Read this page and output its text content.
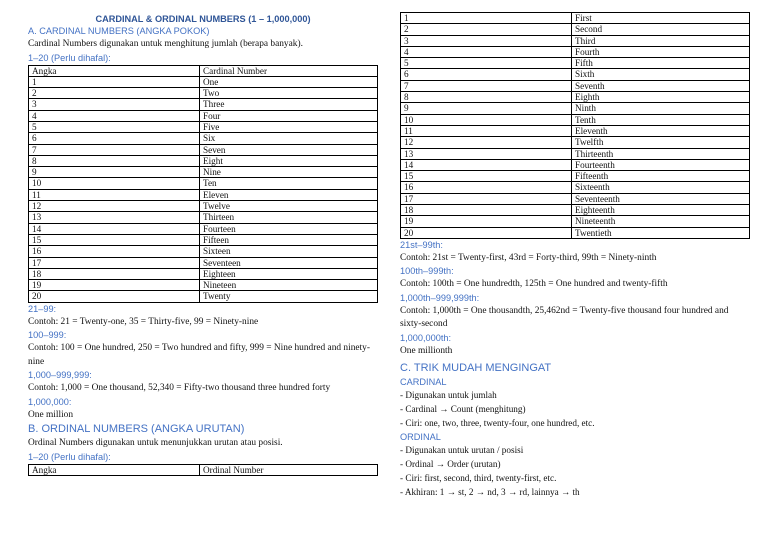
CARDINAL & ORDINAL NUMBERS (1 – 1,000,000)
A. CARDINAL NUMBERS (ANGKA POKOK)
Cardinal Numbers digunakan untuk menghitung jumlah (berapa banyak).
1–20 (Perlu dihafal):
Angka	Cardinal Number
1	One
2	Two
3	Three
4	Four
5	Five
6	Six
7	Seven
8	Eight
9	Nine
10	Ten
11	Eleven
12	Twelve
13	Thirteen
14	Fourteen
15	Fifteen
16	Sixteen
17	Seventeen
18	Eighteen
19	Nineteen
20	Twenty
21–99:
Contoh: 21 = Twenty-one, 35 = Thirty-five, 99 = Ninety-nine
100–999:
Contoh: 100 = One hundred, 250 = Two hundred and fifty, 999 = Nine hundred and ninety-nine
1,000–999,999:
Contoh: 1,000 = One thousand, 52,340 = Fifty-two thousand three hundred forty
1,000,000:
One million
B. ORDINAL NUMBERS (ANGKA URUTAN)
Ordinal Numbers digunakan untuk menunjukkan urutan atau posisi.
1–20 (Perlu dihafal):
Angka	Ordinal Number
1	First
2	Second
3	Third
4	Fourth
5	Fifth
6	Sixth
7	Seventh
8	Eighth
9	Ninth
10	Tenth
11	Eleventh
12	Twelfth
13	Thirteenth
14	Fourteenth
15	Fifteenth
16	Sixteenth
17	Seventeenth
18	Eighteenth
19	Nineteenth
20	Twentieth
21st–99th:
Contoh: 21st = Twenty-first, 43rd = Forty-third, 99th = Ninety-ninth
100th–999th:
Contoh: 100th = One hundredth, 125th = One hundred and twenty-fifth
1,000th–999,999th:
Contoh: 1,000th = One thousandth, 25,462nd = Twenty-five thousand four hundred and sixty-second
1,000,000th:
One millionth
C. TRIK MUDAH MENGINGAT
CARDINAL
- Digunakan untuk jumlah
- Cardinal → Count (menghitung)
- Ciri: one, two, three, twenty-four, one hundred, etc.
ORDINAL
- Digunakan untuk urutan / posisi
- Ordinal → Order (urutan)
- Ciri: first, second, third, twenty-first, etc.
- Akhiran: 1 → st, 2 → nd, 3 → rd, lainnya → th
